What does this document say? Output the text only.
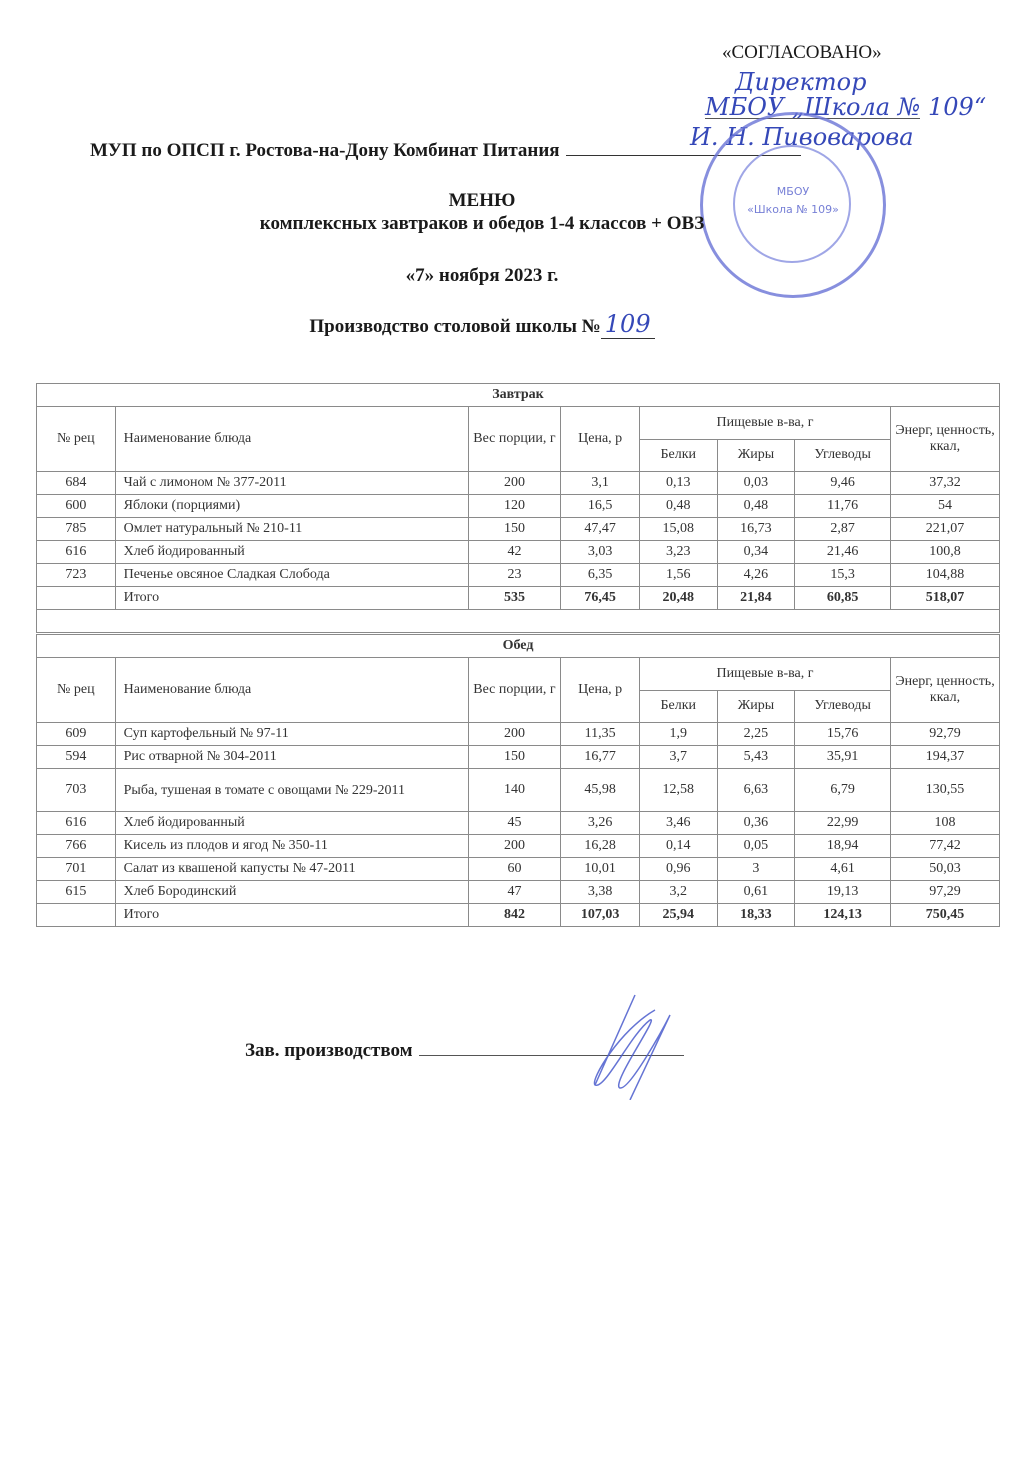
«СОГЛАСОВАНО»
Директор
МБОУ „Школа № 109“
И. Н. Пивоварова
МУП по ОПСП г. Ростова-на-Дону Комбинат Питания
МБОУ
«Школа № 109»
МЕНЮ
комплексных завтраков и обедов 1-4 классов + ОВЗ
«7» ноября 2023 г.
Производство столовой школы № 109
Завтрак							
№ рец	Наименование блюда	Вес порции, г	Цена, р	Пищевые в-ва, г			Энерг, ценность, ккал,
				Белки	Жиры	Углеводы	
684	Чай с лимоном № 377-2011	200	3,1	0,13	0,03	9,46	37,32
600	Яблоки (порциями)	120	16,5	0,48	0,48	11,76	54
785	Омлет натуральный № 210-11	150	47,47	15,08	16,73	2,87	221,07
616	Хлеб йодированный	42	3,03	3,23	0,34	21,46	100,8
723	Печенье овсяное Сладкая Слобода	23	6,35	1,56	4,26	15,3	104,88
	Итого	535	76,45	20,48	21,84	60,85	518,07

Обед							
№ рец	Наименование блюда	Вес порции, г	Цена, р	Пищевые в-ва, г			Энерг, ценность, ккал,
				Белки	Жиры	Углеводы	
609	Суп картофельный № 97-11	200	11,35	1,9	2,25	15,76	92,79
594	Рис отварной № 304-2011	150	16,77	3,7	5,43	35,91	194,37
703	Рыба, тушеная в томате с овощами № 229-2011	140	45,98	12,58	6,63	6,79	130,55
616	Хлеб йодированный	45	3,26	3,46	0,36	22,99	108
766	Кисель из плодов и ягод № 350-11	200	16,28	0,14	0,05	18,94	77,42
701	Салат из квашеной капусты № 47-2011	60	10,01	0,96	3	4,61	50,03
615	Хлеб Бородинский	47	3,38	3,2	0,61	19,13	97,29
	Итого	842	107,03	25,94	18,33	124,13	750,45
Зав. производством
